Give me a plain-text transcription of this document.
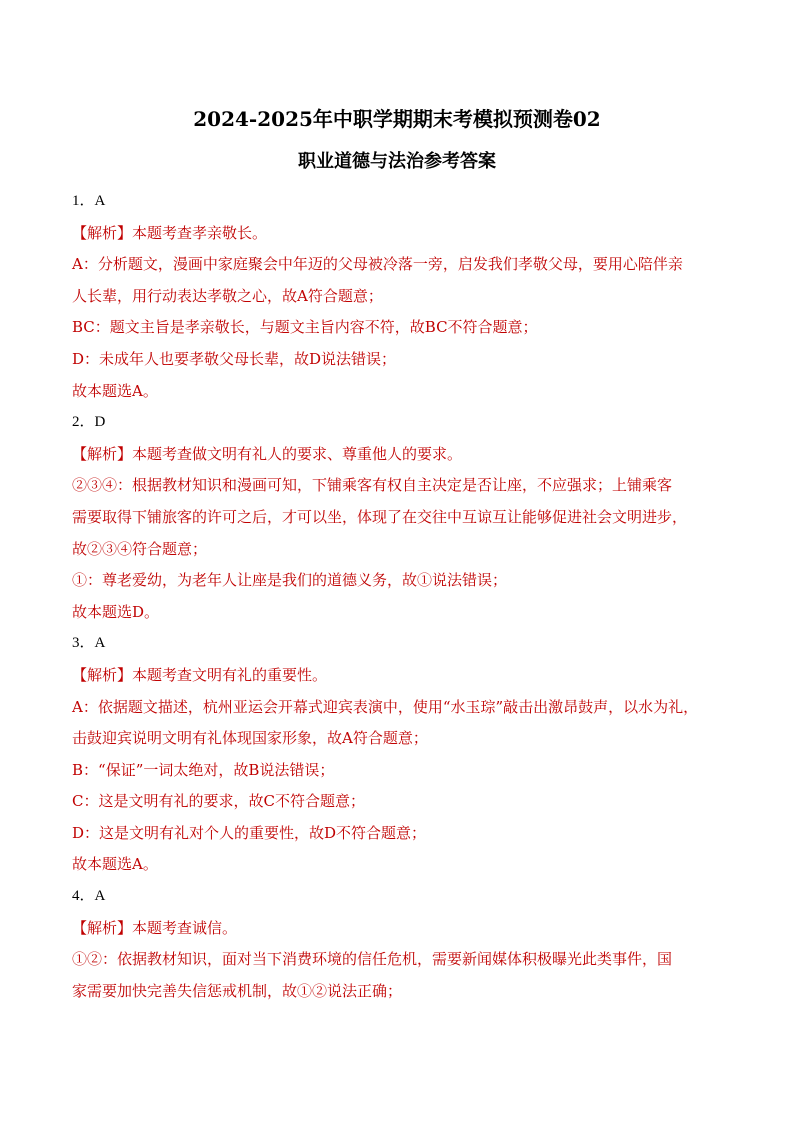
2024-2025年中职学期期末考模拟预测卷02
职业道德与法治参考答案
1．A
【解析】本题考查孝亲敬长。
A：分析题文，漫画中家庭聚会中年迈的父母被冷落一旁，启发我们孝敬父母，要用心陪伴亲
人长辈，用行动表达孝敬之心，故A符合题意；
BC：题文主旨是孝亲敬长，与题文主旨内容不符，故BC不符合题意；
D：未成年人也要孝敬父母长辈，故D说法错误；
故本题选A。
2．D
【解析】本题考查做文明有礼人的要求、尊重他人的要求。
②③④：根据教材知识和漫画可知，下铺乘客有权自主决定是否让座，不应强求；上铺乘客
需要取得下铺旅客的许可之后，才可以坐，体现了在交往中互谅互让能够促进社会文明进步，
故②③④符合题意；
①：尊老爱幼，为老年人让座是我们的道德义务，故①说法错误；
故本题选D。
3．A
【解析】本题考查文明有礼的重要性。
A：依据题文描述，杭州亚运会开幕式迎宾表演中，使用“水玉琮”敲击出激昂鼓声，以水为礼，
击鼓迎宾说明文明有礼体现国家形象，故A符合题意；
B：“保证”一词太绝对，故B说法错误；
C：这是文明有礼的要求，故C不符合题意；
D：这是文明有礼对个人的重要性，故D不符合题意；
故本题选A。
4．A
【解析】本题考查诚信。
①②：依据教材知识，面对当下消费环境的信任危机，需要新闻媒体积极曝光此类事件，国
家需要加快完善失信惩戒机制，故①②说法正确；
